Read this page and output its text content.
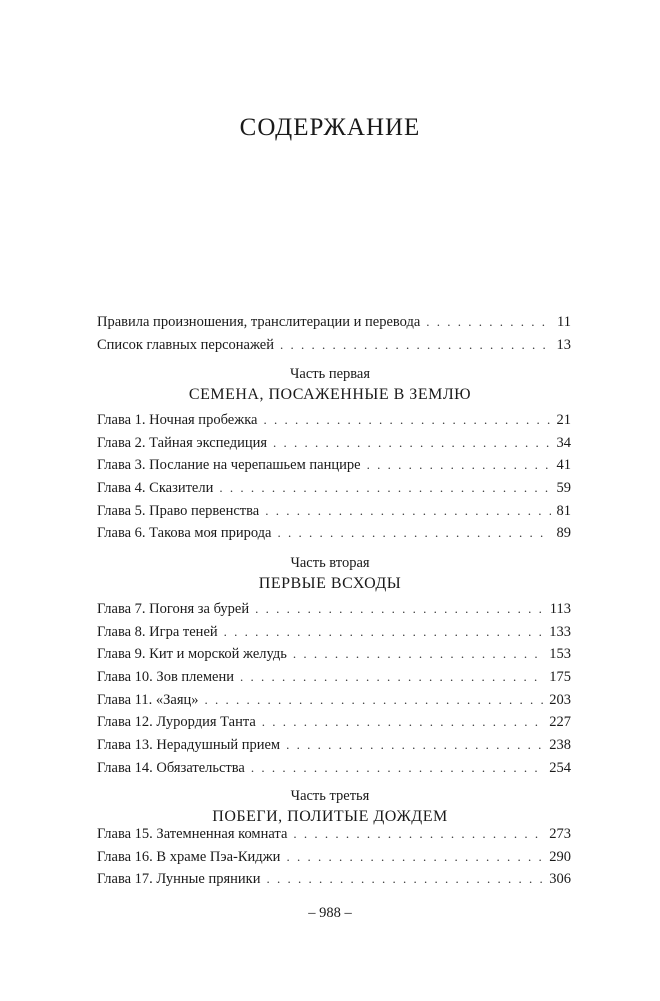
СОДЕРЖАНИЕ
Правила произношения, транслитерации и перевода . . .	11
Список главных персонажей . . .	13
Часть первая
СЕМЕНА, ПОСАЖЕННЫЕ В ЗЕМЛЮ
Глава 1. Ночная пробежка . . .	21
Глава 2. Тайная экспедиция . . .	34
Глава 3. Послание на черепашьем панцире . . .	41
Глава 4. Сказители . . .	59
Глава 5. Право первенства . . .	81
Глава 6. Такова моя природа . . .	89
Часть вторая
ПЕРВЫЕ ВСХОДЫ
Глава 7. Погоня за бурей . . .	113
Глава 8. Игра теней . . .	133
Глава 9. Кит и морской желудь . . .	153
Глава 10. Зов племени . . .	175
Глава 11. «Заяц» . . .	203
Глава 12. Лурордия Танта . . .	227
Глава 13. Нерадушный прием . . .	238
Глава 14. Обязательства . . .	254
Часть третья
ПОБЕГИ, ПОЛИТЫЕ ДОЖДЕМ
Глава 15. Затемненная комната . . .	273
Глава 16. В храме Пэа-Киджи . . .	290
Глава 17. Лунные пряники . . .	306
– 988 –
